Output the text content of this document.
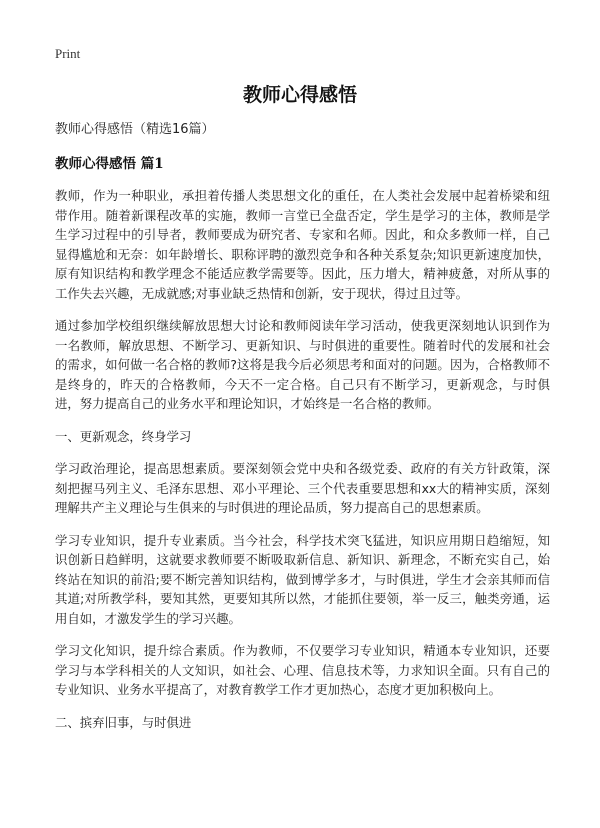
Print
教师心得感悟

教师心得感悟（精选16篇）

教师心得感悟 篇1

教师，作为一种职业，承担着传播人类思想文化的重任，在人类社会发展中起着桥梁和纽带作用。随着新课程改革的实施，教师一言堂已全盘否定，学生是学习的主体，教师是学生学习过程中的引导者，教师要成为研究者、专家和名师。因此，和众多教师一样，自己显得尴尬和无奈：如年龄增长、职称评聘的激烈竞争和各种关系复杂;知识更新速度加快，原有知识结构和教学理念不能适应教学需要等。因此，压力增大，精神疲惫，对所从事的工作失去兴趣，无成就感;对事业缺乏热情和创新，安于现状，得过且过等。

通过参加学校组织继续解放思想大讨论和教师阅读年学习活动，使我更深刻地认识到作为一名教师，解放思想、不断学习、更新知识、与时俱进的重要性。随着时代的发展和社会的需求，如何做一名合格的教师?这将是我今后必须思考和面对的问题。因为，合格教师不是终身的，昨天的合格教师，今天不一定合格。自己只有不断学习，更新观念，与时俱进，努力提高自己的业务水平和理论知识，才始终是一名合格的教师。

一、更新观念，终身学习

学习政治理论，提高思想素质。要深刻领会党中央和各级党委、政府的有关方针政策，深刻把握马列主义、毛泽东思想、邓小平理论、三个代表重要思想和xx大的精神实质，深刻理解共产主义理论与生俱来的与时俱进的理论品质，努力提高自己的思想素质。

学习专业知识，提升专业素质。当今社会，科学技术突飞猛进，知识应用期日趋缩短，知识创新日趋鲜明，这就要求教师要不断吸取新信息、新知识、新理念，不断充实自己，始终站在知识的前沿;要不断完善知识结构，做到博学多才，与时俱进，学生才会亲其师而信其道;对所教学科，要知其然，更要知其所以然，才能抓住要领，举一反三，触类旁通，运用自如，才激发学生的学习兴趣。

学习文化知识，提升综合素质。作为教师，不仅要学习专业知识，精通本专业知识，还要学习与本学科相关的人文知识，如社会、心理、信息技术等，力求知识全面。只有自己的专业知识、业务水平提高了，对教育教学工作才更加热心，态度才更加积极向上。

二、摈弃旧事，与时俱进
